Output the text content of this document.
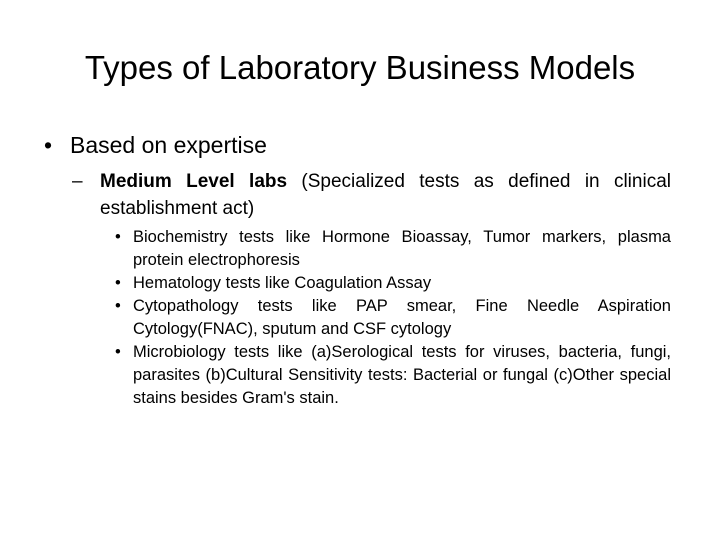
Types of Laboratory Business Models
• Based on expertise
– Medium Level labs (Specialized tests as defined in clinical establishment act)
• Biochemistry tests like Hormone Bioassay, Tumor markers, plasma protein electrophoresis
• Hematology tests like Coagulation Assay
• Cytopathology tests like PAP smear, Fine Needle Aspiration Cytology(FNAC), sputum and CSF cytology
• Microbiology tests like (a)Serological tests for viruses, bacteria, fungi, parasites (b)Cultural Sensitivity tests: Bacterial or fungal (c)Other special stains besides Gram's stain.
